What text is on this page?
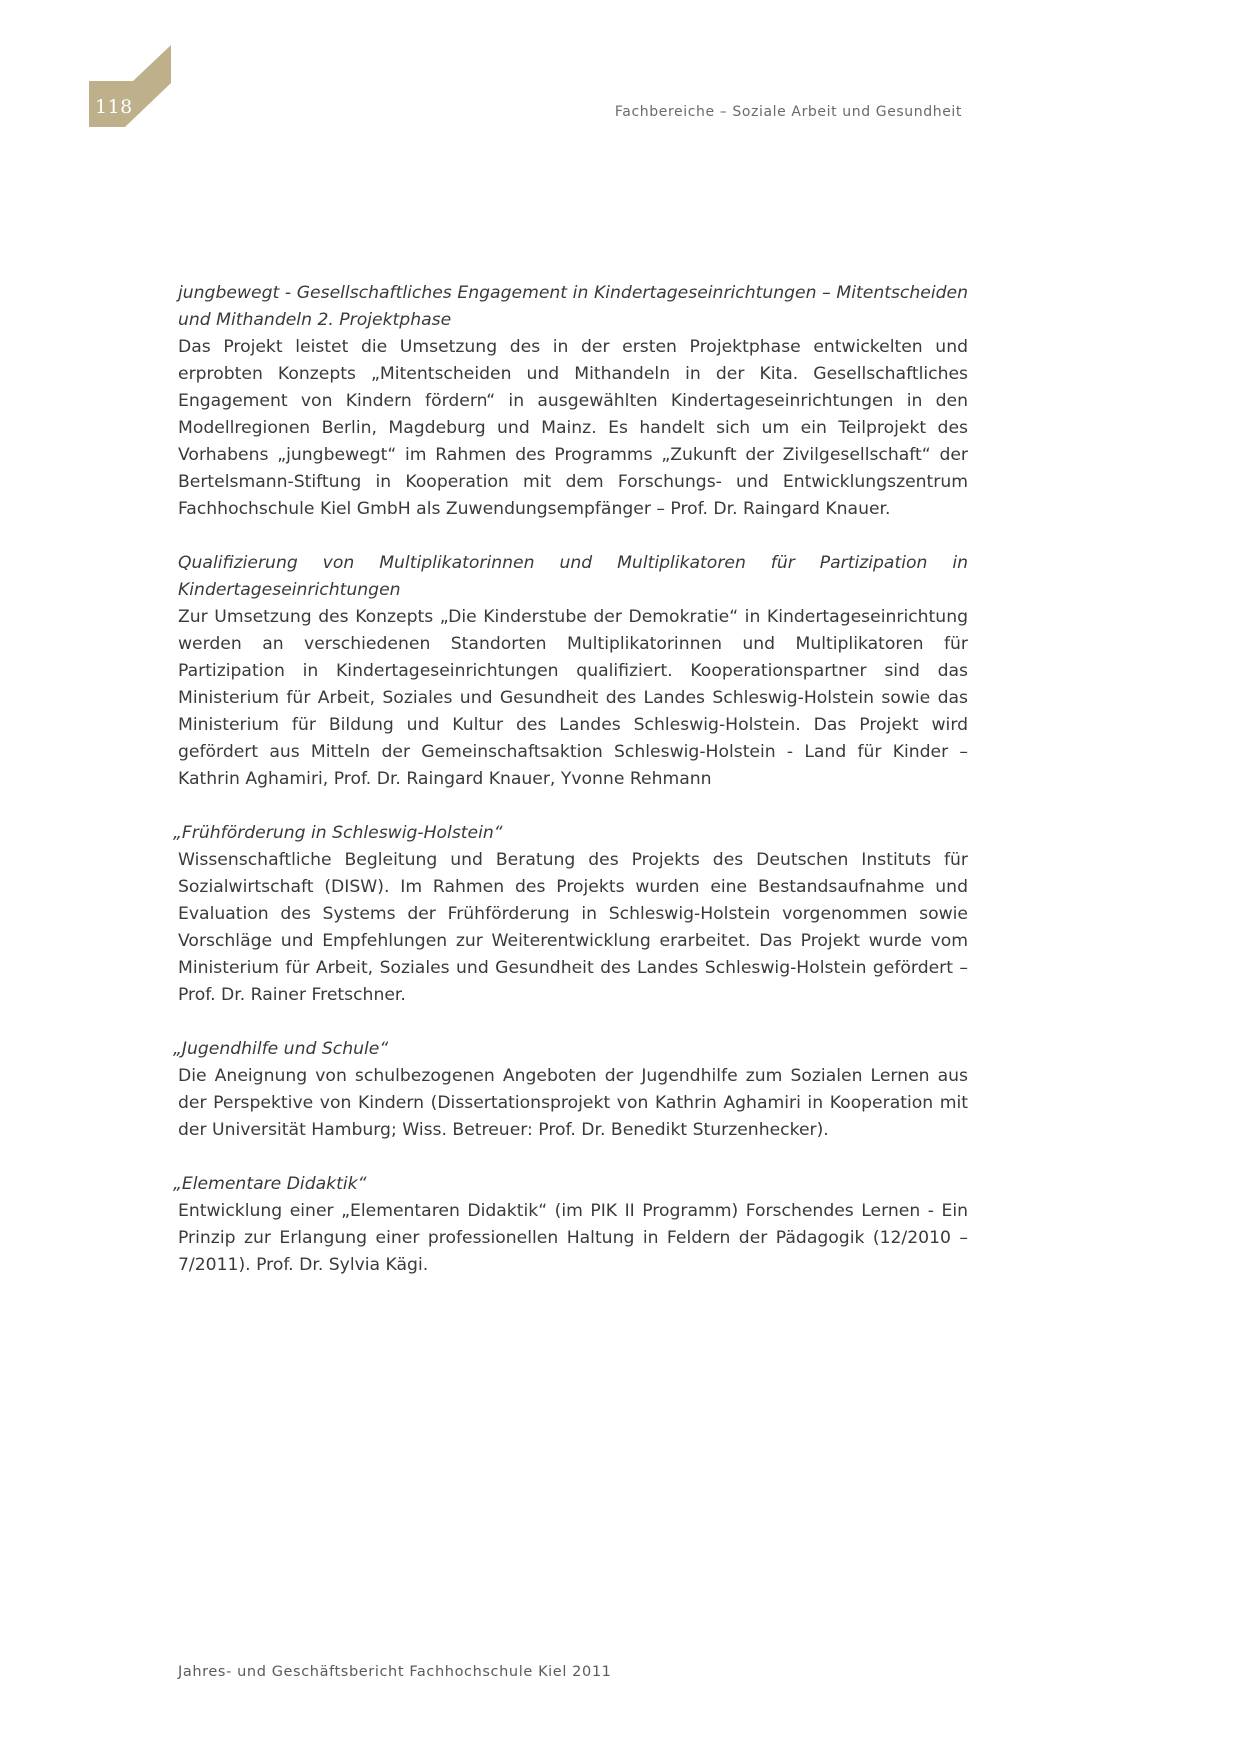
118	Fachbereiche – Soziale Arbeit und Gesundheit
jungbewegt - Gesellschaftliches Engagement in Kindertageseinrichtungen – Mitentscheiden und Mithandeln 2. Projektphase
Das Projekt leistet die Umsetzung des in der ersten Projektphase entwickelten und erprobten Konzepts „Mitentscheiden und Mithandeln in der Kita. Gesellschaftliches Engagement von Kindern fördern“ in ausgewählten Kindertageseinrichtungen in den Modellregionen Berlin, Magdeburg und Mainz. Es handelt sich um ein Teilprojekt des Vorhabens „jungbewegt“ im Rahmen des Programms „Zukunft der Zivilgesellschaft“ der Bertelsmann-Stiftung in Kooperation mit dem Forschungs- und Entwicklungszentrum Fachhochschule Kiel GmbH als Zuwendungsempfänger – Prof. Dr. Raingard Knauer.
Qualifizierung von Multiplikatorinnen und Multiplikatoren für Partizipation in Kindertageseinrichtungen
Zur Umsetzung des Konzepts „Die Kinderstube der Demokratie“ in Kindertageseinrichtung werden an verschiedenen Standorten Multiplikatorinnen und Multiplikatoren für Partizipation in Kindertageseinrichtungen qualifiziert. Kooperationspartner sind das Ministerium für Arbeit, Soziales und Gesundheit des Landes Schleswig-Holstein sowie das Ministerium für Bildung und Kultur des Landes Schleswig-Holstein. Das Projekt wird gefördert aus Mitteln der Gemeinschaftsaktion Schleswig-Holstein - Land für Kinder – Kathrin Aghamiri, Prof. Dr. Raingard Knauer, Yvonne Rehmann
„Frühförderung in Schleswig-Holstein“
Wissenschaftliche Begleitung und Beratung des Projekts des Deutschen Instituts für Sozialwirtschaft (DISW). Im Rahmen des Projekts wurden eine Bestandsaufnahme und Evaluation des Systems der Frühförderung in Schleswig-Holstein vorgenommen sowie Vorschläge und Empfehlungen zur Weiterentwicklung erarbeitet. Das Projekt wurde vom Ministerium für Arbeit, Soziales und Gesundheit des Landes Schleswig-Holstein gefördert – Prof. Dr. Rainer Fretschner.
„Jugendhilfe und Schule“
Die Aneignung von schulbezogenen Angeboten der Jugendhilfe zum Sozialen Lernen aus der Perspektive von Kindern (Dissertationsprojekt von Kathrin Aghamiri in Kooperation mit der Universität Hamburg; Wiss. Betreuer: Prof. Dr. Benedikt Sturzenhecker).
„Elementare Didaktik“
Entwicklung einer „Elementaren Didaktik“ (im PIK II Programm) Forschendes Lernen - Ein Prinzip zur Erlangung einer professionellen Haltung in Feldern der Pädagogik (12/2010 – 7/2011). Prof. Dr. Sylvia Kägi.
Jahres- und Geschäftsbericht Fachhochschule Kiel 2011
